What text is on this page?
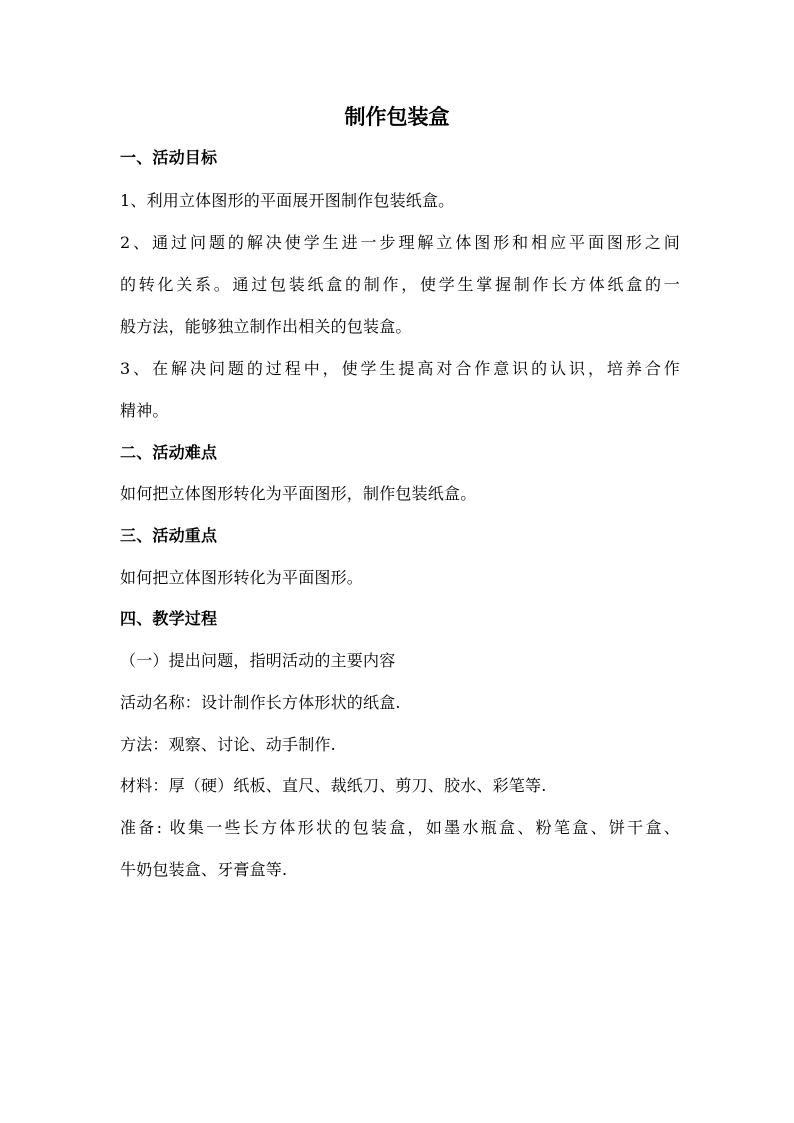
制作包装盒
一、活动目标
1、利用立体图形的平面展开图制作包装纸盒。
2、通过问题的解决使学生进一步理解立体图形和相应平面图形之间
的转化关系。通过包装纸盒的制作，使学生掌握制作长方体纸盒的一
般方法，能够独立制作出相关的包装盒。
3、在解决问题的过程中，使学生提高对合作意识的认识，培养合作
精神。
二、活动难点
如何把立体图形转化为平面图形，制作包装纸盒。
三、活动重点
如何把立体图形转化为平面图形。
四、教学过程
（一）提出问题，指明活动的主要内容
活动名称：设计制作长方体形状的纸盒.
方法：观察、讨论、动手制作.
材料：厚（硬）纸板、直尺、裁纸刀、剪刀、胶水、彩笔等.
准备: 收集一些长方体形状的包装盒，如墨水瓶盒、粉笔盒、饼干盒、
牛奶包装盒、牙膏盒等.
